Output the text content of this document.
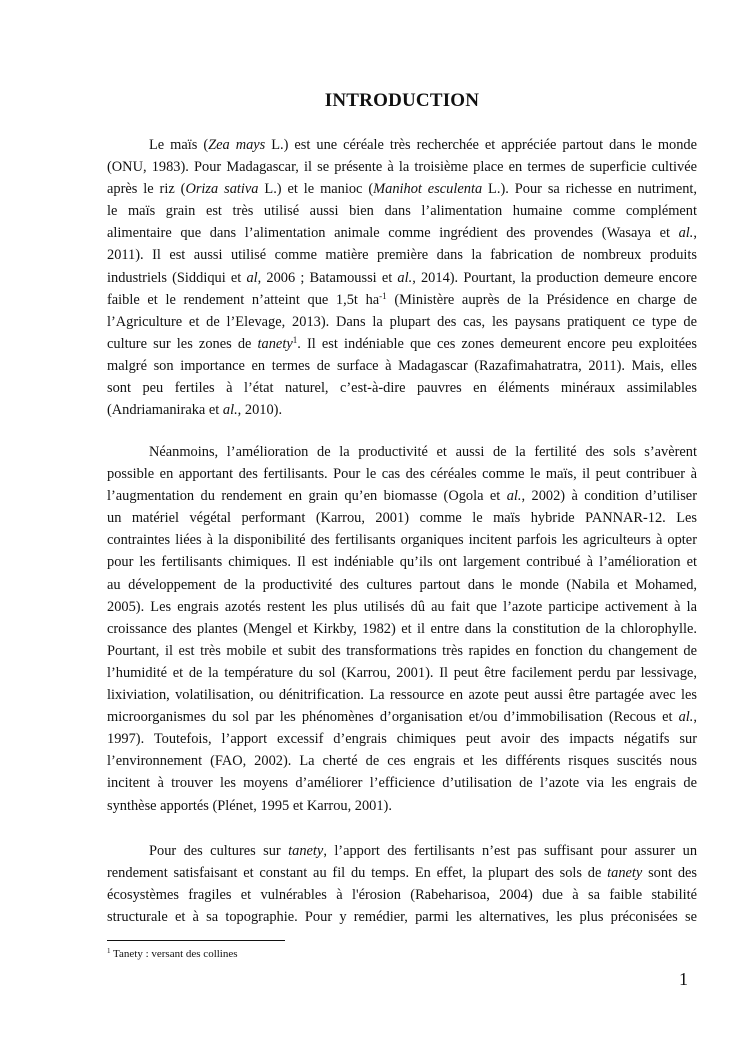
INTRODUCTION
Le maïs (Zea mays L.) est une céréale très recherchée et appréciée partout dans le monde
(ONU, 1983). Pour Madagascar, il se présente à la troisième place en termes de superficie cultivée
après le riz (Oriza sativa L.) et le manioc (Manihot esculenta L.). Pour sa richesse en nutriment,
le maïs grain est très utilisé aussi bien dans l’alimentation humaine comme complément
alimentaire que dans l’alimentation animale comme ingrédient des provendes (Wasaya et al.,
2011). Il est aussi utilisé comme matière première dans la fabrication de nombreux produits
industriels (Siddiqui et al, 2006 ; Batamoussi et al., 2014). Pourtant, la production demeure encore
faible et le rendement n’atteint que 1,5t $ha^{-1}$ (Ministère auprès de la Présidence en charge de
l’Agriculture et de l’Elevage, 2013). Dans la plupart des cas, les paysans pratiquent ce type de
culture sur les zones de tanety$^1$. Il est indéniable que ces zones demeurent encore peu exploitées
malgré son importance en termes de surface à Madagascar (Razafimahatratra, 2011). Mais, elles
sont peu fertiles à l’état naturel, c’est-à-dire pauvres en éléments minéraux assimilables
(Andriamaniraka et al., 2010).
Néanmoins, l’amélioration de la productivité et aussi de la fertilité des sols s’avèrent
possible en apportant des fertilisants. Pour le cas des céréales comme le maïs, il peut contribuer à
l’augmentation du rendement en grain qu’en biomasse (Ogola et al., 2002) à condition d’utiliser
un matériel végétal performant (Karrou, 2001) comme le maïs hybride PANNAR-12. Les
contraintes liées à la disponibilité des fertilisants organiques incitent parfois les agriculteurs à opter
pour les fertilisants chimiques. Il est indéniable qu’ils ont largement contribué à l’amélioration et
au développement de la productivité des cultures partout dans le monde (Nabila et Mohamed,
2005). Les engrais azotés restent les plus utilisés dû au fait que l’azote participe activement à la
croissance des plantes (Mengel et Kirkby, 1982) et il entre dans la constitution de la chlorophylle.
Pourtant, il est très mobile et subit des transformations très rapides en fonction du changement de
l’humidité et de la température du sol (Karrou, 2001). Il peut être facilement perdu par lessivage,
lixiviation, volatilisation, ou dénitrification. La ressource en azote peut aussi être partagée avec les
microorganismes du sol par les phénomènes d’organisation et/ou d’immobilisation (Recous et al.,
1997). Toutefois, l’apport excessif d’engrais chimiques peut avoir des impacts négatifs sur
l’environnement (FAO, 2002). La cherté de ces engrais et les différents risques suscités nous
incitent à trouver les moyens d’améliorer l’efficience d’utilisation de l’azote via les engrais de
synthèse apportés (Plénet, 1995 et Karrou, 2001).
Pour des cultures sur tanety, l’apport des fertilisants n’est pas suffisant pour assurer un
rendement satisfaisant et constant au fil du temps. En effet, la plupart des sols de tanety sont des
écosystèmes fragiles et vulnérables à l'érosion (Rabeharisoa, 2004) due à sa faible stabilité
structurale et à sa topographie. Pour y remédier, parmi les alternatives, les plus préconisées se
$^1$ Tanety : versant des collines
1
